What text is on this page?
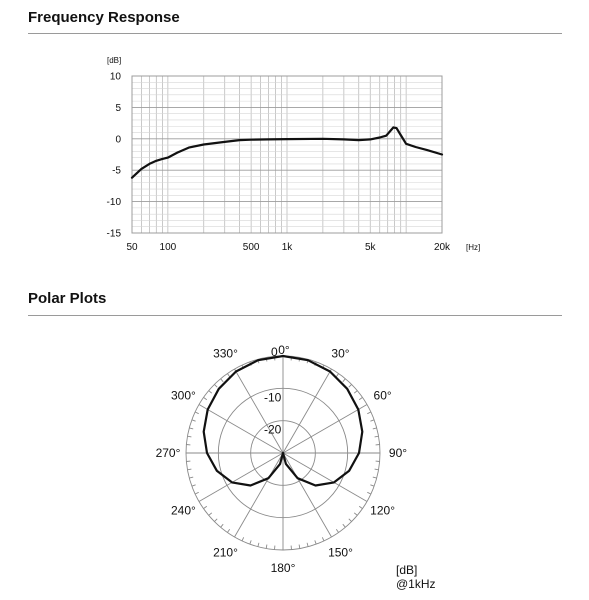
Frequency Response
Polar Plots
10
5
0
-5
-10
-15
50 100	500 1k	5k	20k
[dB]
[Hz]
0
-10
-20
0°	30°
60°
90°
120°
150°
180°
210°
240°
270°
300°
330°
[dB]
@1kHz
